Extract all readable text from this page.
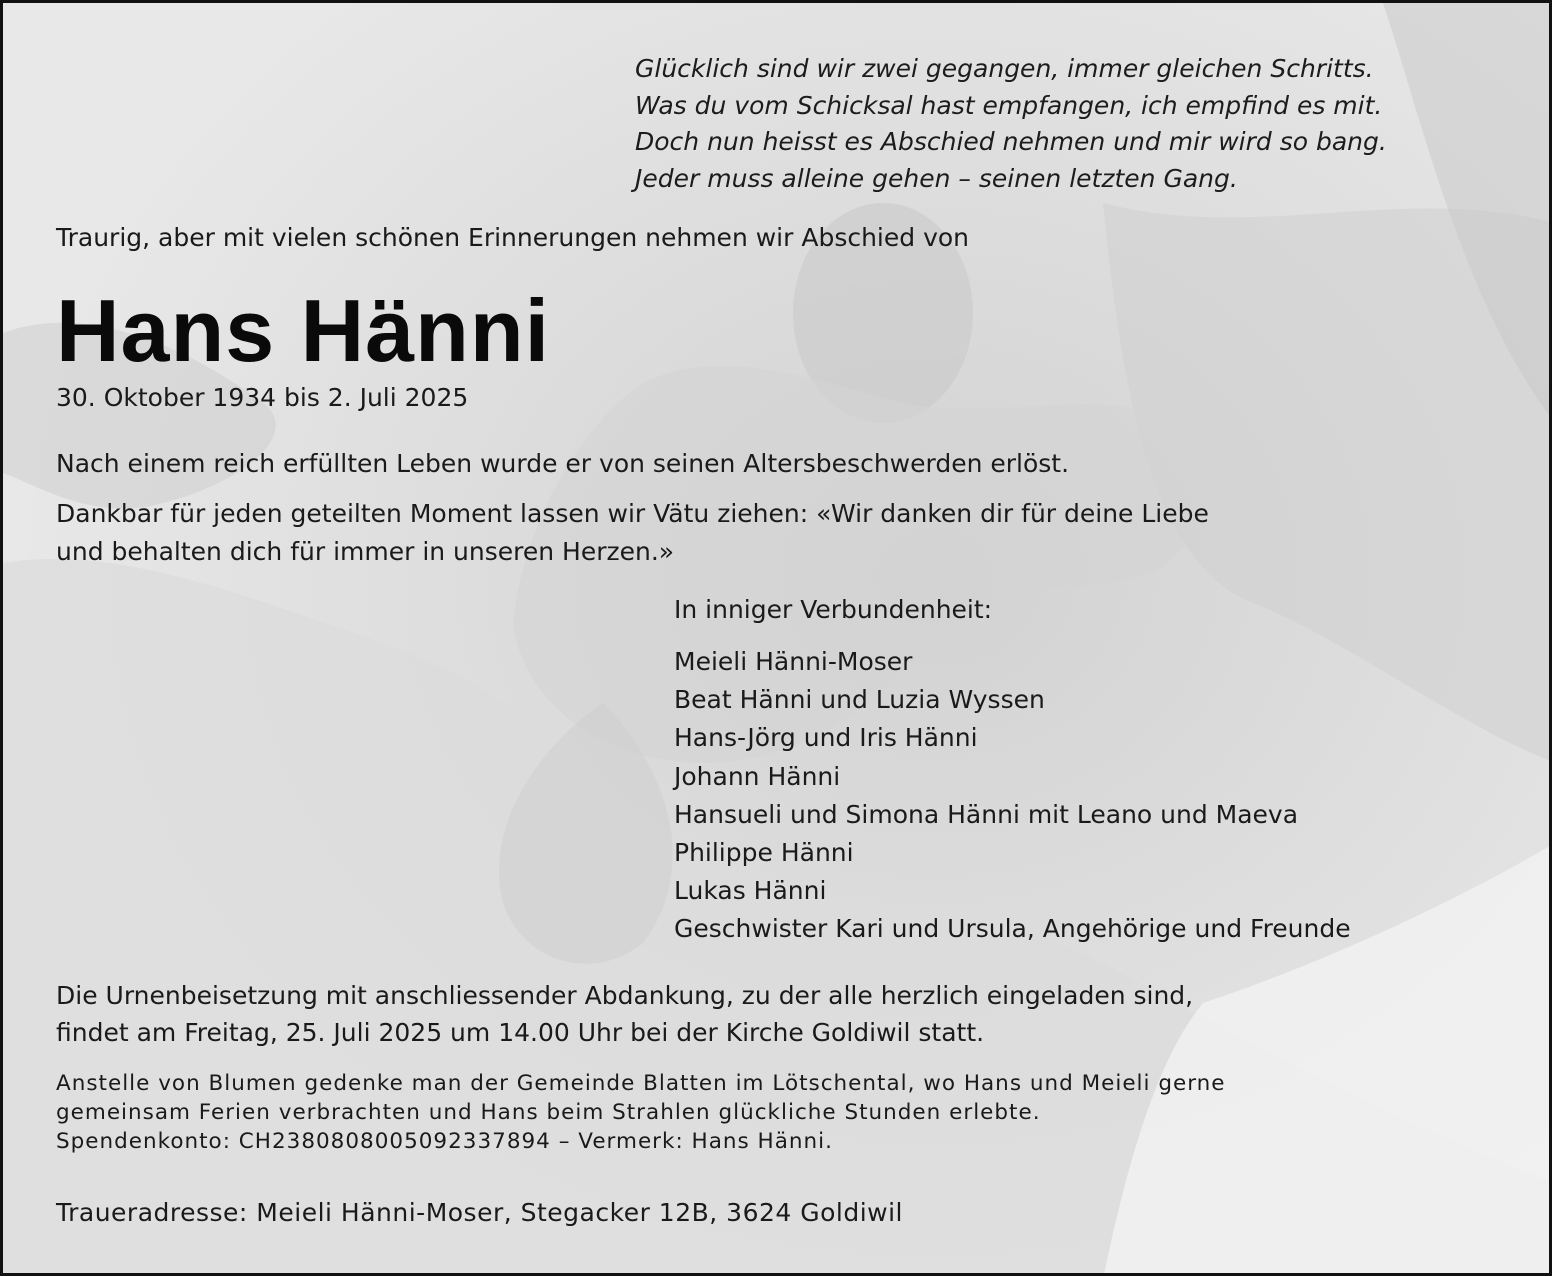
Glücklich sind wir zwei gegangen, immer gleichen Schritts.
Was du vom Schicksal hast empfangen, ich empfind es mit.
Doch nun heisst es Abschied nehmen und mir wird so bang.
Jeder muss alleine gehen – seinen letzten Gang.
Traurig, aber mit vielen schönen Erinnerungen nehmen wir Abschied von
Hans Hänni
30. Oktober 1934 bis 2. Juli 2025
Nach einem reich erfüllten Leben wurde er von seinen Altersbeschwerden erlöst.
Dankbar für jeden geteilten Moment lassen wir Vätu ziehen: «Wir danken dir für deine Liebe
und behalten dich für immer in unseren Herzen.»
In inniger Verbundenheit:
Meieli Hänni-Moser
Beat Hänni und Luzia Wyssen
Hans-Jörg und Iris Hänni
Johann Hänni
Hansueli und Simona Hänni mit Leano und Maeva
Philippe Hänni
Lukas Hänni
Geschwister Kari und Ursula, Angehörige und Freunde
Die Urnenbeisetzung mit anschliessender Abdankung, zu der alle herzlich eingeladen sind,
findet am Freitag, 25. Juli 2025 um 14.00 Uhr bei der Kirche Goldiwil statt.
Anstelle von Blumen gedenke man der Gemeinde Blatten im Lötschental, wo Hans und Meieli gerne
gemeinsam Ferien verbrachten und Hans beim Strahlen glückliche Stunden erlebte.
Spendenkonto: CH2380808005092337894 – Vermerk: Hans Hänni.
Traueradresse: Meieli Hänni-Moser, Stegacker 12B, 3624 Goldiwil
